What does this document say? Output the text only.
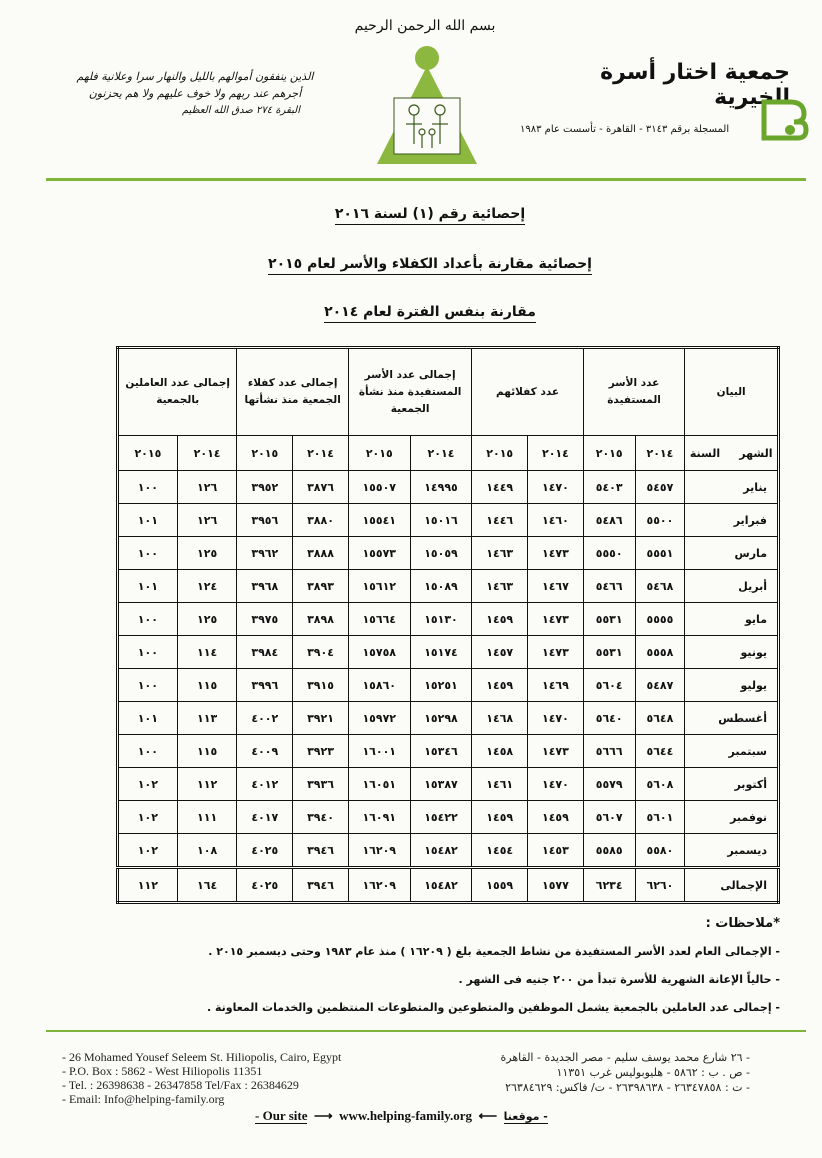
بسم الله الرحمن الرحيم
الذين ينفقون أموالهم بالليل والنهار سرا وعلانية فلهم
أجرهم عند ربهم ولا خوف عليهم ولا هم يحزنون
البقرة ٢٧٤ صدق الله العظيم
جمعية اختار أسرة الخيرية
المسجلة برقم ٣١٤٣ - القاهرة - تأسست عام ١٩٨٣
إحصائية رقم (١) لسنة ٢٠١٦
إحصائية مقارنة بأعداد الكفلاء والأسر لعام ٢٠١٥
مقارنة بنفس الفترة لعام ٢٠١٤
البيان	عدد الأسر المستفيدة		عدد كفلائهم		إجمالى عدد الأسر المستفيدة منذ نشأة الجمعية		إجمالى عدد كفلاء الجمعية منذ نشأتها		إجمالى عدد العاملين بالجمعية	
الشهر     السنة	٢٠١٤	٢٠١٥	٢٠١٤	٢٠١٥	٢٠١٤	٢٠١٥	٢٠١٤	٢٠١٥	٢٠١٤	٢٠١٥
يناير	٥٤٥٧	٥٤٠٣	١٤٧٠	١٤٤٩	١٤٩٩٥	١٥٥٠٧	٣٨٧٦	٣٩٥٢	١٢٦	١٠٠
فبراير	٥٥٠٠	٥٤٨٦	١٤٦٠	١٤٤٦	١٥٠١٦	١٥٥٤١	٣٨٨٠	٣٩٥٦	١٢٦	١٠١
مارس	٥٥٥١	٥٥٥٠	١٤٧٣	١٤٦٣	١٥٠٥٩	١٥٥٧٣	٣٨٨٨	٣٩٦٢	١٢٥	١٠٠
أبريل	٥٤٦٨	٥٤٦٦	١٤٦٧	١٤٦٣	١٥٠٨٩	١٥٦١٢	٣٨٩٣	٣٩٦٨	١٢٤	١٠١
مايو	٥٥٥٥	٥٥٣١	١٤٧٣	١٤٥٩	١٥١٣٠	١٥٦٦٤	٣٨٩٨	٣٩٧٥	١٢٥	١٠٠
يونيو	٥٥٥٨	٥٥٣١	١٤٧٣	١٤٥٧	١٥١٧٤	١٥٧٥٨	٣٩٠٤	٣٩٨٤	١١٤	١٠٠
يوليو	٥٤٨٧	٥٦٠٤	١٤٦٩	١٤٥٩	١٥٢٥١	١٥٨٦٠	٣٩١٥	٣٩٩٦	١١٥	١٠٠
أغسطس	٥٦٤٨	٥٦٤٠	١٤٧٠	١٤٦٨	١٥٢٩٨	١٥٩٧٢	٣٩٢١	٤٠٠٢	١١٣	١٠١
سبتمبر	٥٦٤٤	٥٦٦٦	١٤٧٣	١٤٥٨	١٥٣٤٦	١٦٠٠١	٣٩٢٣	٤٠٠٩	١١٥	١٠٠
أكتوبر	٥٦٠٨	٥٥٧٩	١٤٧٠	١٤٦١	١٥٣٨٧	١٦٠٥١	٣٩٣٦	٤٠١٢	١١٢	١٠٢
نوفمبر	٥٦٠١	٥٦٠٧	١٤٥٩	١٤٥٩	١٥٤٢٢	١٦٠٩١	٣٩٤٠	٤٠١٧	١١١	١٠٢
ديسمبر	٥٥٨٠	٥٥٨٥	١٤٥٣	١٤٥٤	١٥٤٨٢	١٦٢٠٩	٣٩٤٦	٤٠٢٥	١٠٨	١٠٢
الإجمالى	٦٢٦٠	٦٢٣٤	١٥٧٧	١٥٥٩	١٥٤٨٢	١٦٢٠٩	٣٩٤٦	٤٠٢٥	١٦٤	١١٢
*ملاحظات :
- الإجمالى العام لعدد الأسر المستفيدة من نشاط الجمعية بلغ ( ١٦٢٠٩ ) منذ عام ١٩٨٣ وحتى ديسمبر ٢٠١٥ .
- حالياً الإعانة الشهرية للأسرة تبدأ من ٢٠٠ جنيه فى الشهر .
- إجمالى عدد العاملين بالجمعية يشمل الموظفين والمتطوعين والمتطوعات المنتظمين والخدمات المعاونة .
- 26 Mohamed Yousef Seleem St. Hiliopolis, Cairo, Egypt
- P.O. Box : 5862 - West Hiliopolis 11351
- Tel. : 26398638 - 26347858 Tel/Fax : 26384629
- Email: Info@helping-family.org
- ٢٦ شارع محمد يوسف سليم - مصر الجديدة - القاهرة
- ص . ب : ٥٨٦٢ - هليوبوليس غرب ١١٣٥١
- ت : ٢٦٣٤٧٨٥٨ - ٢٦٣٩٨٦٣٨ - ت/ فاكس: ٢٦٣٨٤٦٢٩
- Our site  ⟶  www.helping-family.org  ⟵  موقعنا -
